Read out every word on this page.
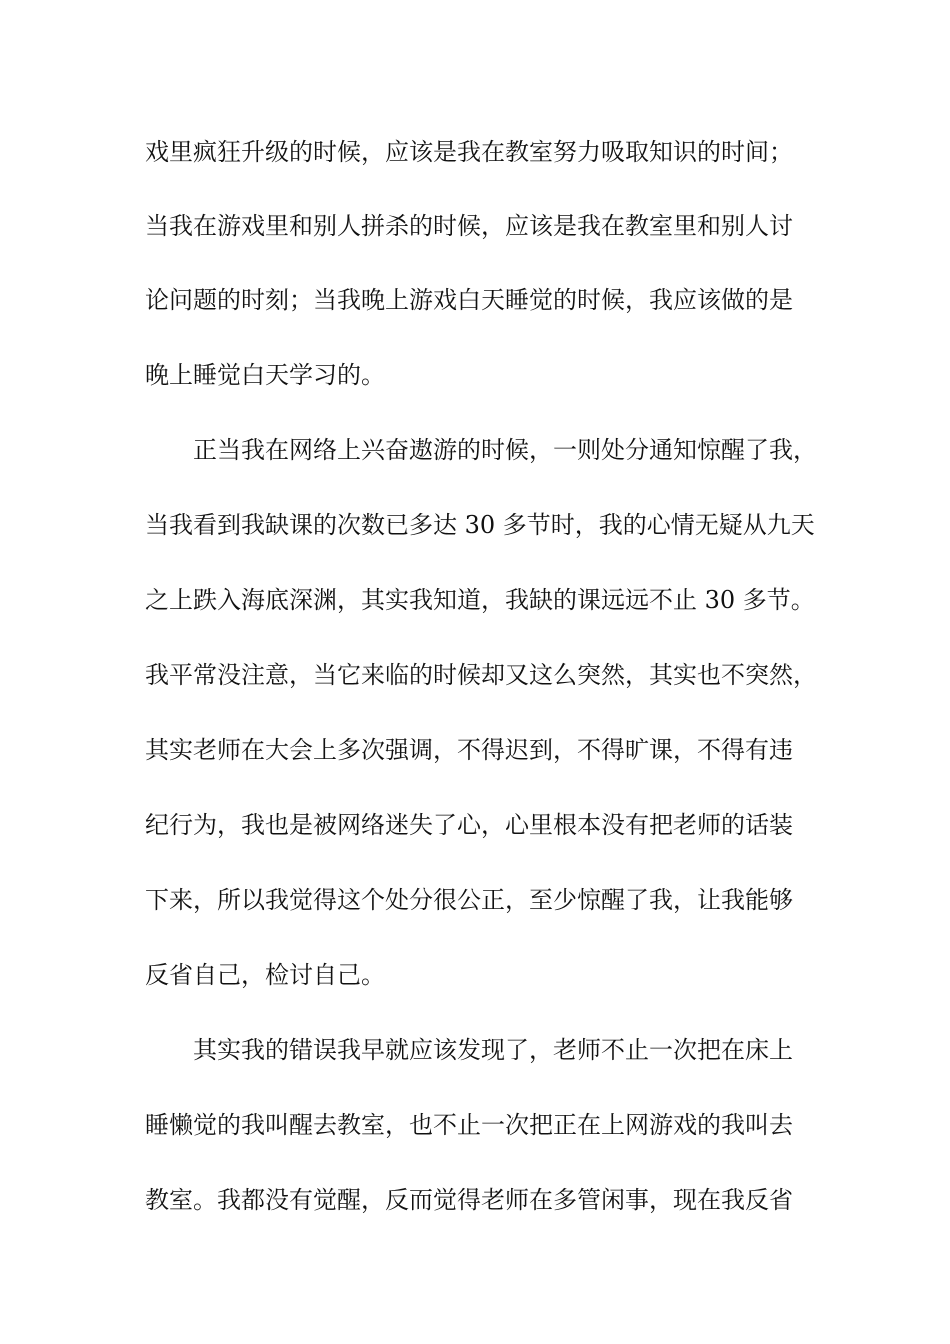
戏里疯狂升级的时候，应该是我在教室努力吸取知识的时间；
当我在游戏里和别人拼杀的时候，应该是我在教室里和别人讨
论问题的时刻；当我晚上游戏白天睡觉的时候，我应该做的是
晚上睡觉白天学习的。
正当我在网络上兴奋遨游的时候，一则处分通知惊醒了我，
当我看到我缺课的次数已多达 30 多节时，我的心情无疑从九天
之上跌入海底深渊，其实我知道，我缺的课远远不止 30 多节。
我平常没注意，当它来临的时候却又这么突然，其实也不突然，
其实老师在大会上多次强调，不得迟到，不得旷课，不得有违
纪行为，我也是被网络迷失了心，心里根本没有把老师的话装
下来，所以我觉得这个处分很公正，至少惊醒了我，让我能够
反省自己，检讨自己。
其实我的错误我早就应该发现了，老师不止一次把在床上
睡懒觉的我叫醒去教室，也不止一次把正在上网游戏的我叫去
教室。我都没有觉醒，反而觉得老师在多管闲事，现在我反省
